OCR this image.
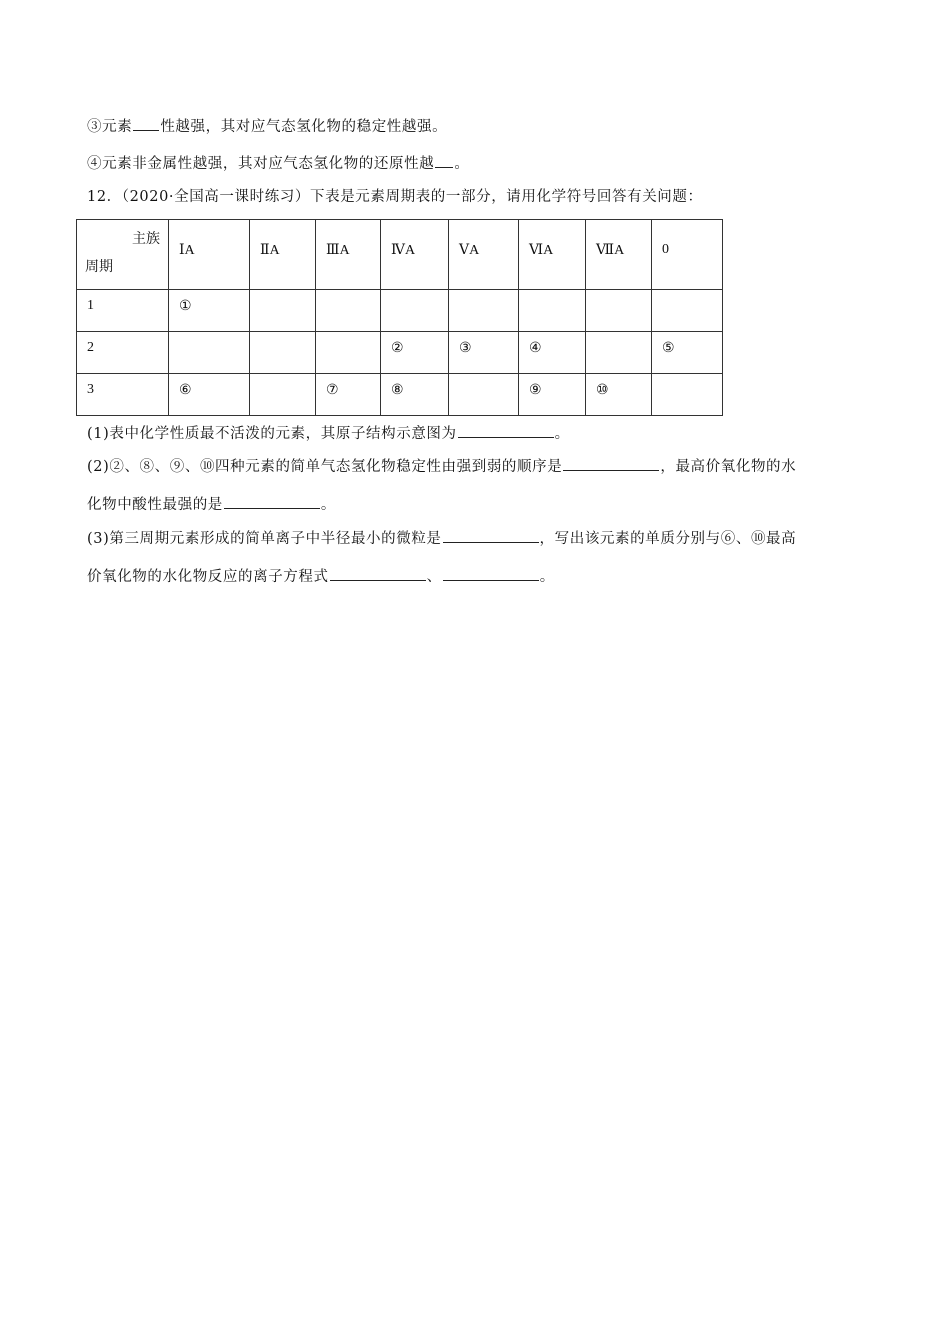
③元素 性越强，其对应气态氢化物的稳定性越强。
④元素非金属性越强，其对应气态氢化物的还原性越 。
12．（2020·全国高一课时练习）下表是元素周期表的一部分，请用化学符号回答有关问题：
主族
周期	ⅠA	ⅡA	ⅢA	ⅣA	ⅤA	ⅥA	ⅦA	0
1	①							
2				②	③	④		⑤
3	⑥		⑦	⑧		⑨	⑩	
(1)表中化学性质最不活泼的元素，其原子结构示意图为	。
(2)②、⑧、⑨、⑩四种元素的简单气态氢化物稳定性由强到弱的顺序是	，最高价氧化物的水
化物中酸性最强的是	。
(3)第三周期元素形成的简单离子中半径最小的微粒是	，写出该元素的单质分别与⑥、⑩最高
价氧化物的水化物反应的离子方程式	、	。
